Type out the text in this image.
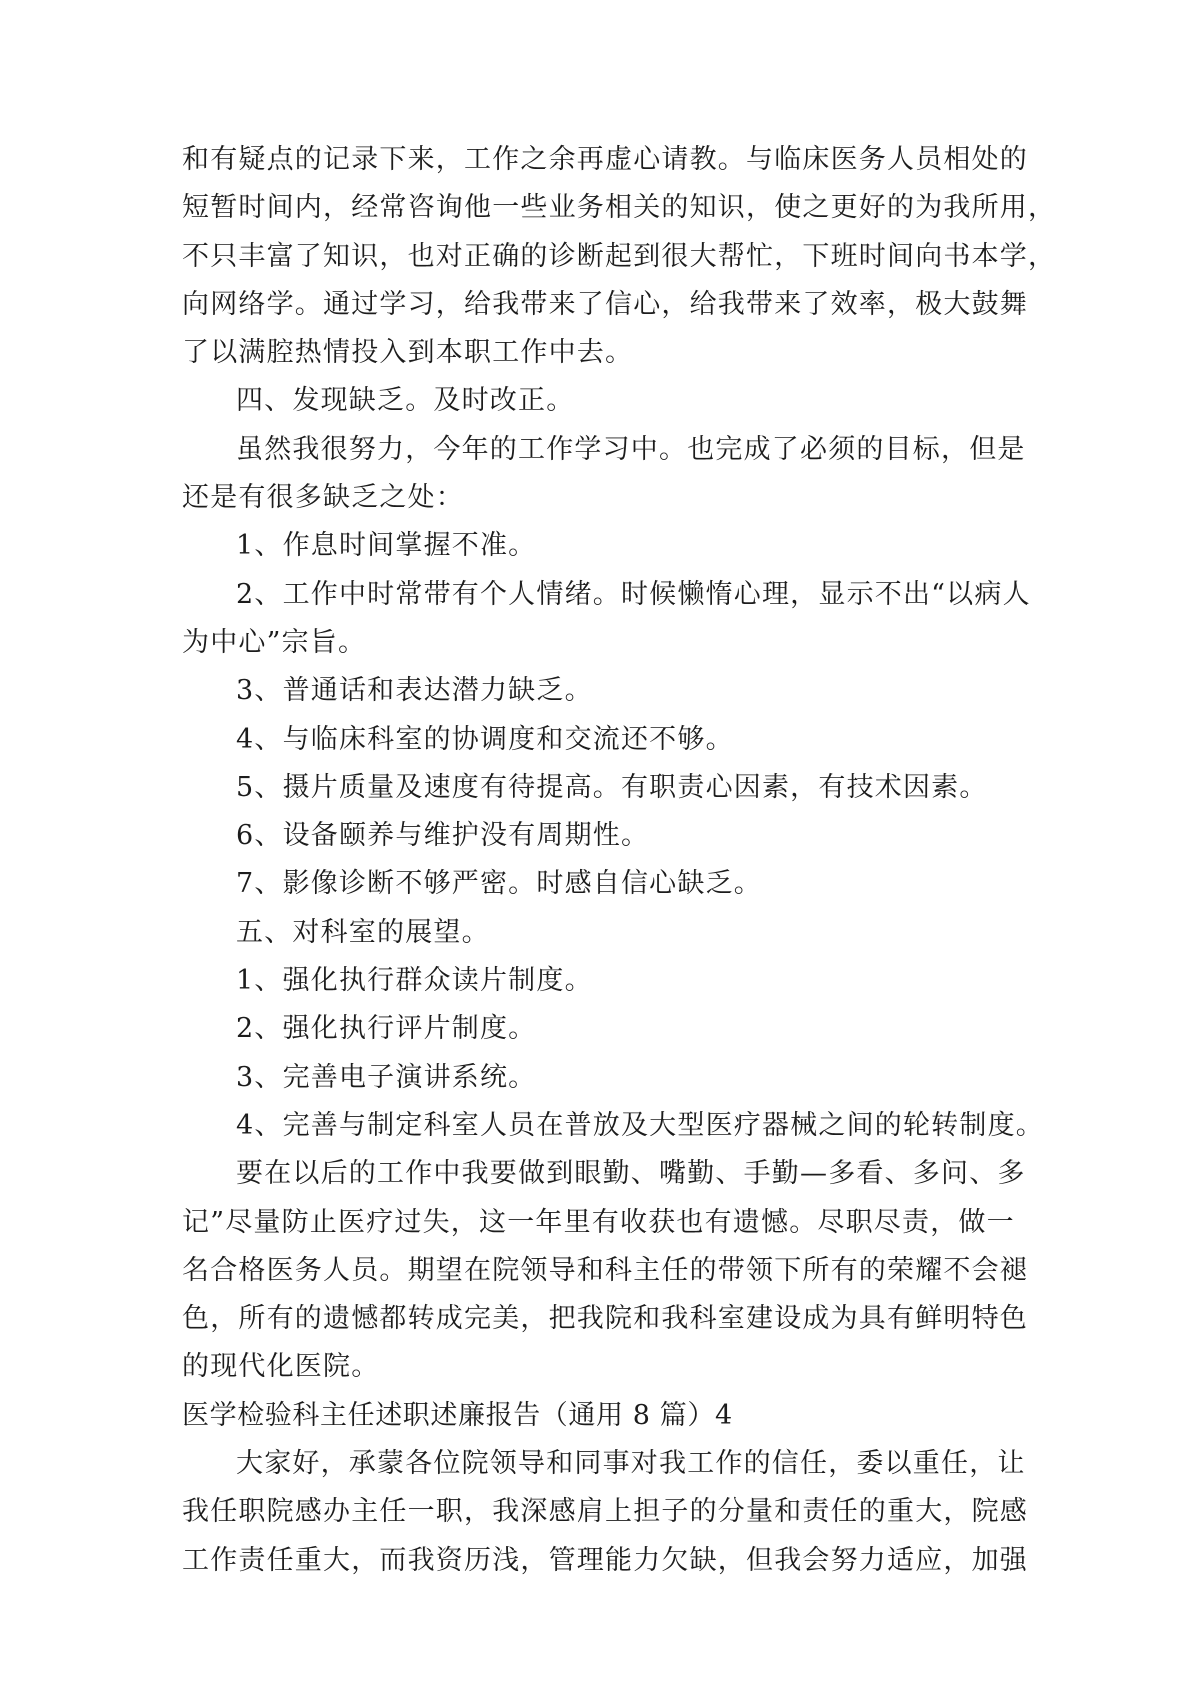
和有疑点的记录下来，工作之余再虚心请教。与临床医务人员相处的
短暂时间内，经常咨询他一些业务相关的知识，使之更好的为我所用，
不只丰富了知识，也对正确的诊断起到很大帮忙，下班时间向书本学，
向网络学。通过学习，给我带来了信心，给我带来了效率，极大鼓舞
了以满腔热情投入到本职工作中去。
四、发现缺乏。及时改正。
虽然我很努力，今年的工作学习中。也完成了必须的目标，但是
还是有很多缺乏之处：
1、作息时间掌握不准。
2、工作中时常带有个人情绪。时候懒惰心理，显示不出“以病人
为中心”宗旨。
3、普通话和表达潜力缺乏。
4、与临床科室的协调度和交流还不够。
5、摄片质量及速度有待提高。有职责心因素，有技术因素。
6、设备颐养与维护没有周期性。
7、影像诊断不够严密。时感自信心缺乏。
五、对科室的展望。
1、强化执行群众读片制度。
2、强化执行评片制度。
3、完善电子演讲系统。
4、完善与制定科室人员在普放及大型医疗器械之间的轮转制度。
要在以后的工作中我要做到眼勤、嘴勤、手勤—多看、多问、多
记”尽量防止医疗过失，这一年里有收获也有遗憾。尽职尽责，做一
名合格医务人员。期望在院领导和科主任的带领下所有的荣耀不会褪
色，所有的遗憾都转成完美，把我院和我科室建设成为具有鲜明特色
的现代化医院。
医学检验科主任述职述廉报告（通用 8 篇）4
大家好，承蒙各位院领导和同事对我工作的信任，委以重任，让
我任职院感办主任一职，我深感肩上担子的分量和责任的重大，院感
工作责任重大，而我资历浅，管理能力欠缺，但我会努力适应，加强
